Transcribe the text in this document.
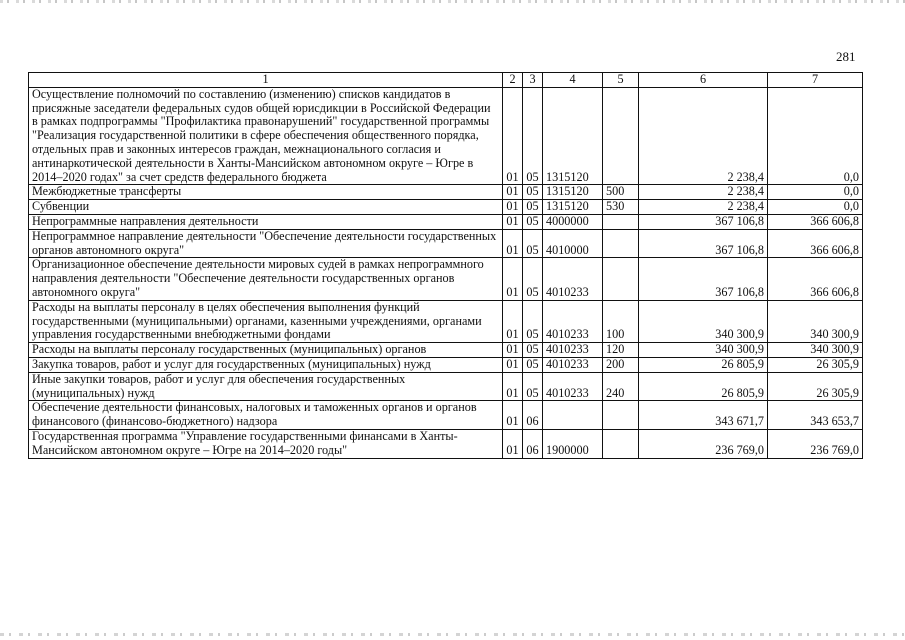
281
1	2	3	4	5	6	7
Осуществление полномочий по составлению (изменению) списков кандидатов в присяжные заседатели федеральных судов общей юрисдикции в Российской Федерации в рамках подпрограммы "Профилактика правонарушений" государственной программы "Реализация государственной политики в сфере обеспечения общественного порядка, отдельных прав и законных интересов граждан, межнационального согласия и антинаркотической деятельности в Ханты-Мансийском автономном округе – Югре в 2014–2020 годах" за счет средств федерального бюджета	01	05	1315120		2 238,4	0,0
Межбюджетные трансферты	01	05	1315120	500	2 238,4	0,0
Субвенции	01	05	1315120	530	2 238,4	0,0
Непрограммные направления деятельности	01	05	4000000		367 106,8	366 606,8
Непрограммное направление деятельности "Обеспечение деятельности государственных органов автономного округа"	01	05	4010000		367 106,8	366 606,8
Организационное обеспечение деятельности мировых судей в рамках непрограммного направления деятельности "Обеспечение деятельности государственных органов автономного округа"	01	05	4010233		367 106,8	366 606,8
Расходы на выплаты персоналу в целях обеспечения выполнения функций государственными (муниципальными) органами, казенными учреждениями, органами управления государственными внебюджетными фондами	01	05	4010233	100	340 300,9	340 300,9
Расходы на выплаты персоналу государственных (муниципальных) органов	01	05	4010233	120	340 300,9	340 300,9
Закупка товаров, работ и услуг для государственных (муниципальных) нужд	01	05	4010233	200	26 805,9	26 305,9
Иные закупки товаров, работ и услуг для обеспечения государственных (муниципальных) нужд	01	05	4010233	240	26 805,9	26 305,9
Обеспечение деятельности финансовых, налоговых и таможенных органов и органов финансового (финансово-бюджетного) надзора	01	06			343 671,7	343 653,7
Государственная программа "Управление государственными финансами в Ханты-Мансийском автономном округе – Югре на 2014–2020 годы"	01	06	1900000		236 769,0	236 769,0
